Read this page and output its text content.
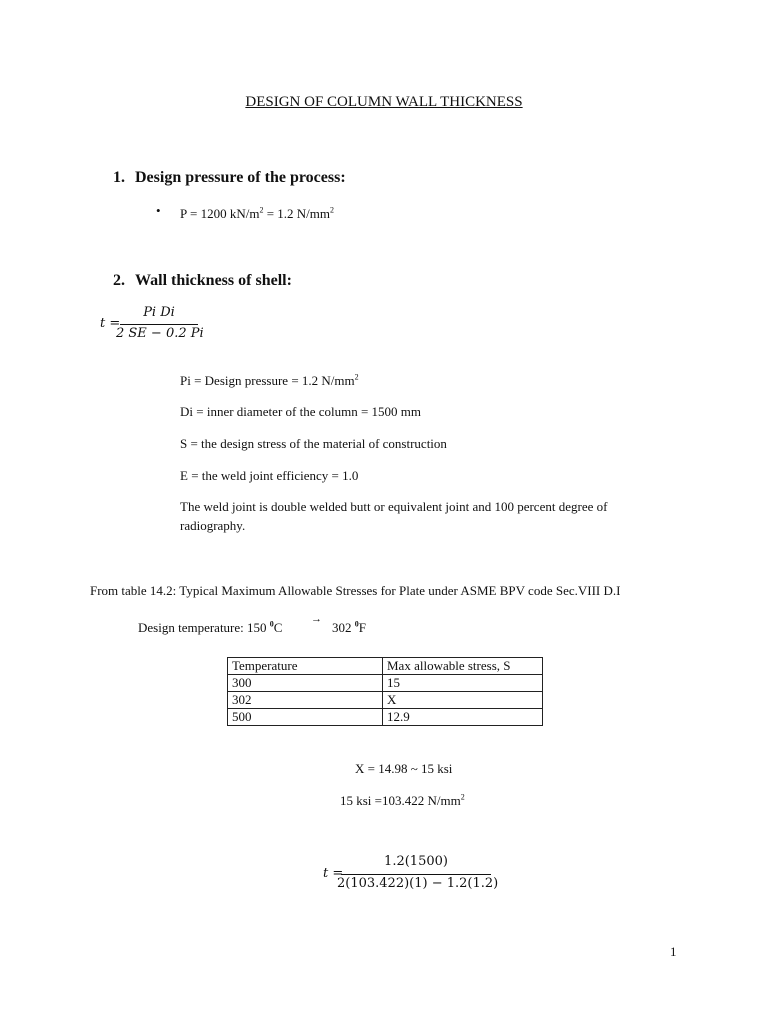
DESIGN OF COLUMN WALL THICKNESS
1. Design pressure of the process:
• P = 1200 $kN/m^2 = 1.2$ $N/mm^2$
2. Wall thickness of shell:
t =
Pi Di
2 SE − 0.2 Pi
Pi = Design pressure = 1.2 $N/mm^2$
Di = inner diameter of the column = 1500 mm
S = the design stress of the material of construction
E = the weld joint efficiency = 1.0
The weld joint is double welded butt or equivalent joint and 100 percent degree of
radiography.
From table 14.2: Typical Maximum Allowable Stresses for Plate under ASME BPV code Sec.VIII D.I
Design temperature: 150 $^0$C
→
302 $^0$F
Temperature	Max allowable stress, S
300	15
302	X
500	12.9
X = 14.98 ~ 15 ksi
15 ksi =103.422 $N/mm^2$
t =
1.2(1500)
2(103.422)(1) − 1.2(1.2)
1
